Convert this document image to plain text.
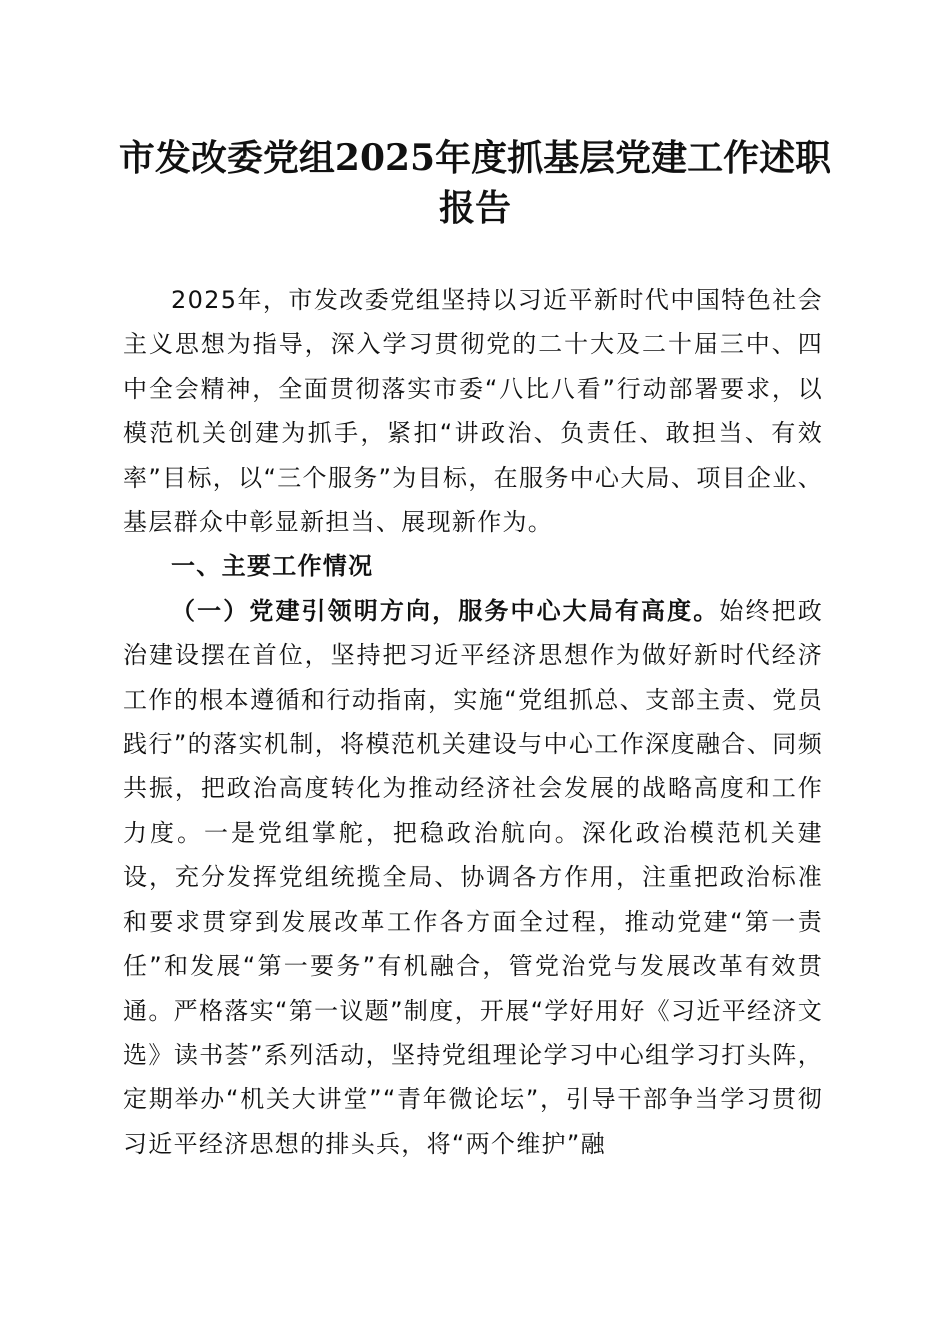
市发改委党组2025年度抓基层党建工作述职
报告

2025年，市发改委党组坚持以习近平新时代中国特色社会主义思想为指导，深入学习贯彻党的二十大及二十届三中、四中全会精神，全面贯彻落实市委“八比八看”行动部署要求，以模范机关创建为抓手，紧扣“讲政治、负责任、敢担当、有效率”目标，以“三个服务”为目标，在服务中心大局、项目企业、基层群众中彰显新担当、展现新作为。

一、主要工作情况

（一）党建引领明方向，服务中心大局有高度。始终把政治建设摆在首位，坚持把习近平经济思想作为做好新时代经济工作的根本遵循和行动指南，实施“党组抓总、支部主责、党员践行”的落实机制，将模范机关建设与中心工作深度融合、同频共振，把政治高度转化为推动经济社会发展的战略高度和工作力度。一是党组掌舵，把稳政治航向。深化政治模范机关建设，充分发挥党组统揽全局、协调各方作用，注重把政治标准和要求贯穿到发展改革工作各方面全过程，推动党建“第一责任”和发展“第一要务”有机融合，管党治党与发展改革有效贯通。严格落实“第一议题”制度，开展“学好用好《习近平经济文选》读书荟”系列活动，坚持党组理论学习中心组学习打头阵，定期举办“机关大讲堂”“青年微论坛”，引导干部争当学习贯彻习近平经济思想的排头兵，将“两个维护”融
